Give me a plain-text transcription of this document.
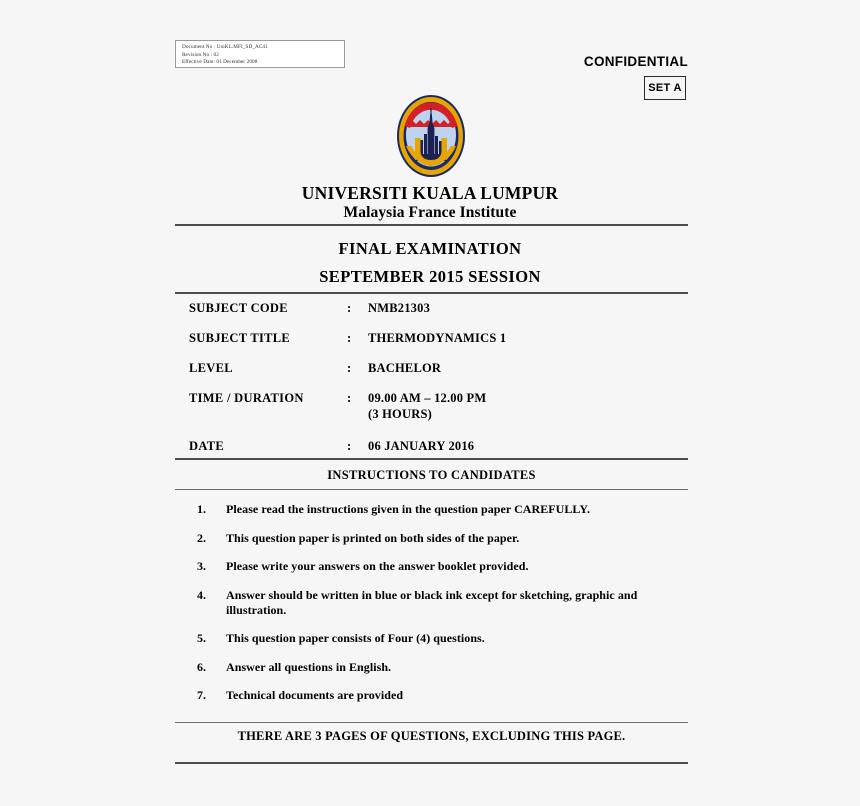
Document No : UniKL.MFI_SD_AC41
Revision No : 02
Effective Date: 01 December 2008	CONFIDENTIAL
SET A
UNIVERSITI KUALA LUMPUR
Malaysia France Institute
FINAL EXAMINATION
SEPTEMBER 2015 SESSION
SUBJECT CODE	:	NMB21303
SUBJECT TITLE	:	THERMODYNAMICS 1
LEVEL	:	BACHELOR
TIME / DURATION	:	09.00 AM – 12.00 PM
(3 HOURS)
DATE	:	06 JANUARY 2016
INSTRUCTIONS TO CANDIDATES
1.	Please read the instructions given in the question paper CAREFULLY.
2.	This question paper is printed on both sides of the paper.
3.	Please write your answers on the answer booklet provided.
4.	Answer should be written in blue or black ink except for sketching, graphic and illustration.
5.	This question paper consists of Four (4) questions.
6.	Answer all questions in English.
7.	Technical documents are provided
THERE ARE 3 PAGES OF QUESTIONS, EXCLUDING THIS PAGE.
